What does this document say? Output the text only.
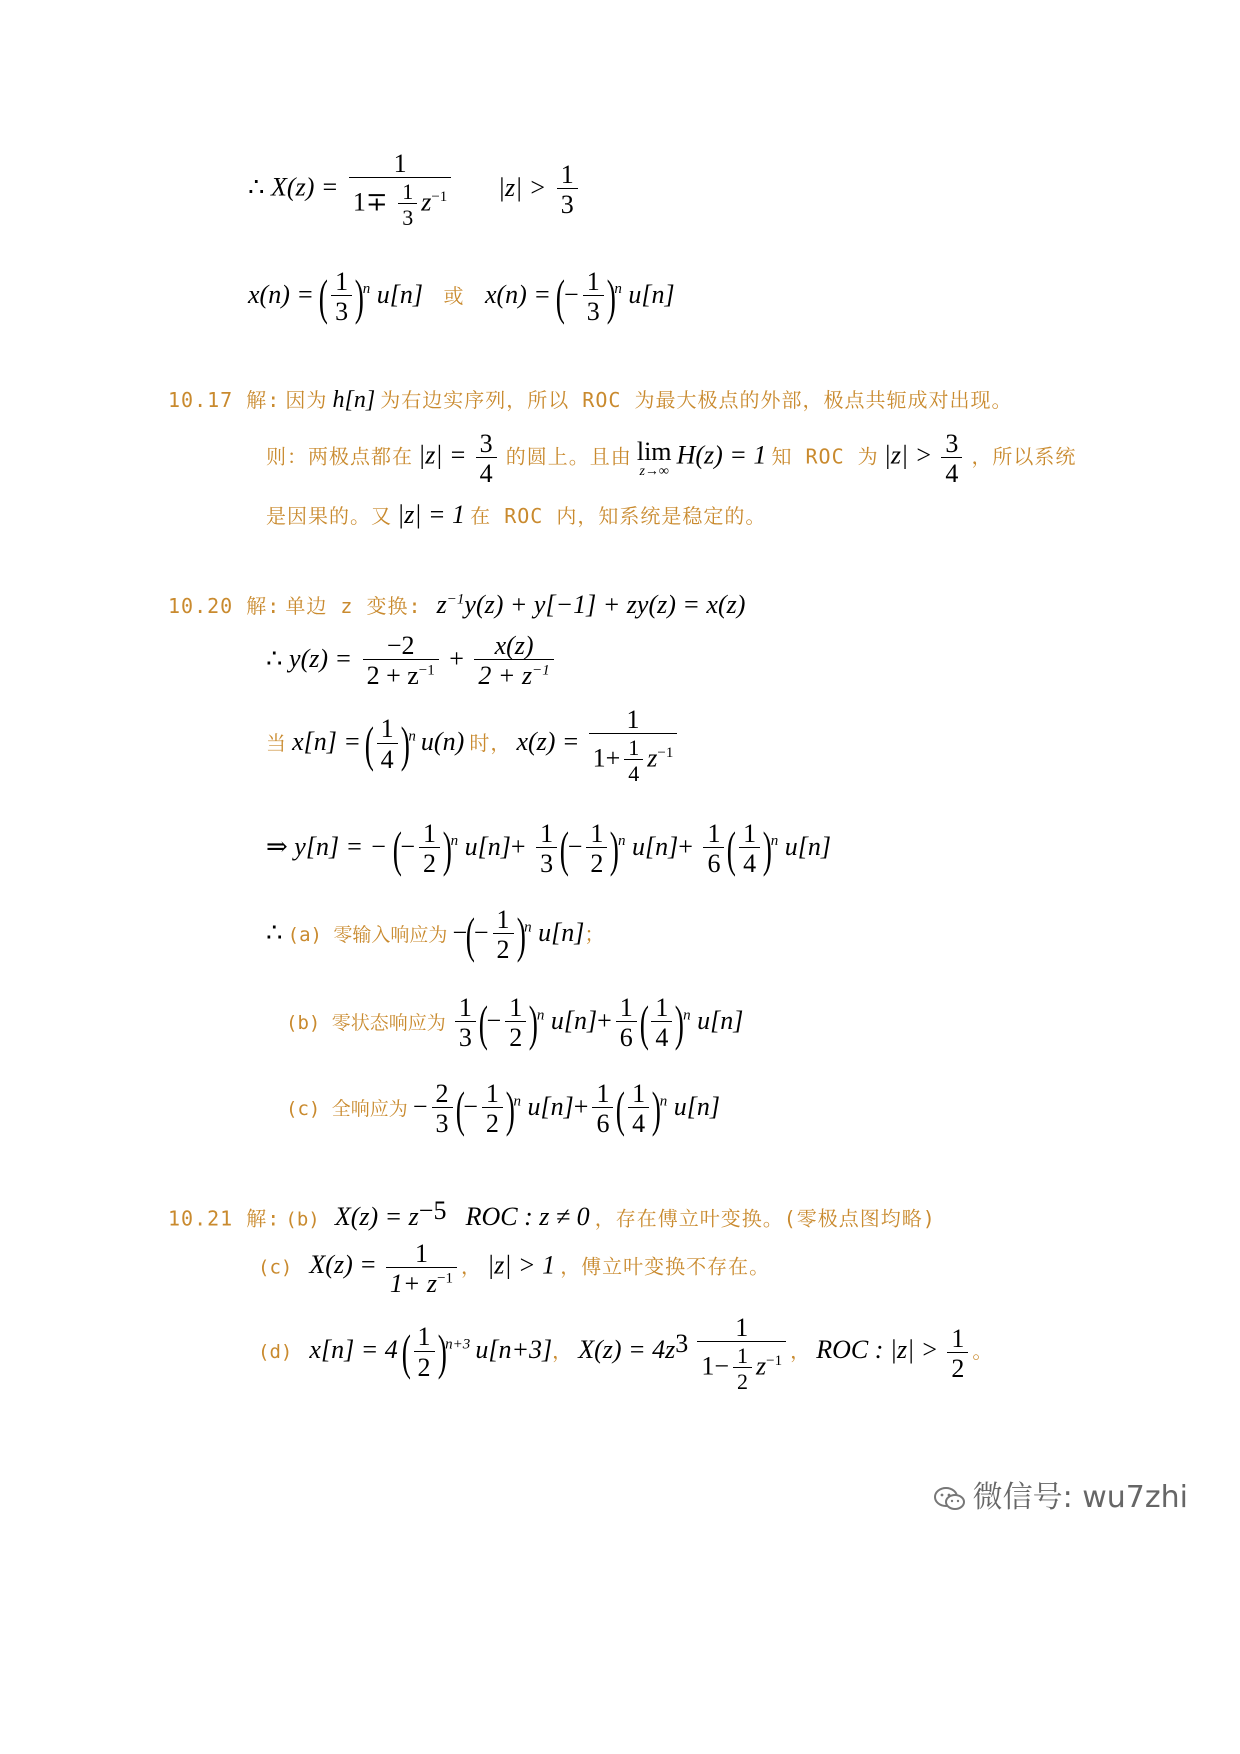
∴ $X(z) = \frac{1}{1\mp \frac{1}{3} z^{-1}} |z| > \frac{1}{3}$
x(n) = ( $\frac{1}{3} )^n$ u[n] 或 x(n) = (− $\frac{1}{3} )^n$ u[n]
10.17 解: 因为 h[n] 为右边实序列，所以 ROC 为最大极点的外部，极点共轭成对出现。
则：两极点都在 $|z| = \frac{3}{4}$ 的圆上。且由 lim
z→∞
H(z) = 1 知 ROC 为 $|z| > \frac{3}{4}$ ，所以系统
是因果的。又 |z| = 1 在 ROC 内，知系统是稳定的。
10.20 解: 单边 z 变换: $z^{-1}y(z) + y[-1] + zy(z) = x(z)$
∴ $y(z) = \frac{-2}{2 + z^{-1}} + \frac{x(z)}{2 + z^{-1}}$
当 x[n] = ( $\frac{1}{4} )^n$ u(n) 时， $x(z) = \frac{1}{1+ \frac{1}{4} z^{-1}}$
⇒ y[n] = − (− $\frac{1}{2} )^n$ $u[n]+ \frac{1}{3}$ (− $\frac{1}{2} )^n$ $u[n]+ \frac{1}{6}$ ( $\frac{1}{4} )^n$ u[n]
∴ (a) 零输入响应为 −(− $\frac{1}{2} )^n$ u[n]；
(b) 零状态响应为 $\frac{1}{3}$ (− $\frac{1}{2} )^n$ $u[n]+ \frac{1}{6}$ ( $\frac{1}{4} )^n$ u[n]
(c) 全响应为 − $\frac{2}{3}$ (− $\frac{1}{2} )^n$ $u[n]+ \frac{1}{6}$ ( $\frac{1}{4} )^n$ u[n]
10.21 解: (b) $X(z) = z^{-5}$ ROC : z ≠ 0 ，存在傅立叶变换。(零极点图均略)
(c) $X(z) = \frac{1}{1+ z^{-1}}$ ， |z| > 1 ，傅立叶变换不存在。
(d) x[n] = 4 ( $\frac{1}{2} )^{n+3}$ u[n+3]， $X(z) = 4z^3 \frac{1}{1- \frac{1}{2} z^{-1}}$ ， ROC : $|z| > \frac{1}{2}$ 。
微信号: wu7zhi
